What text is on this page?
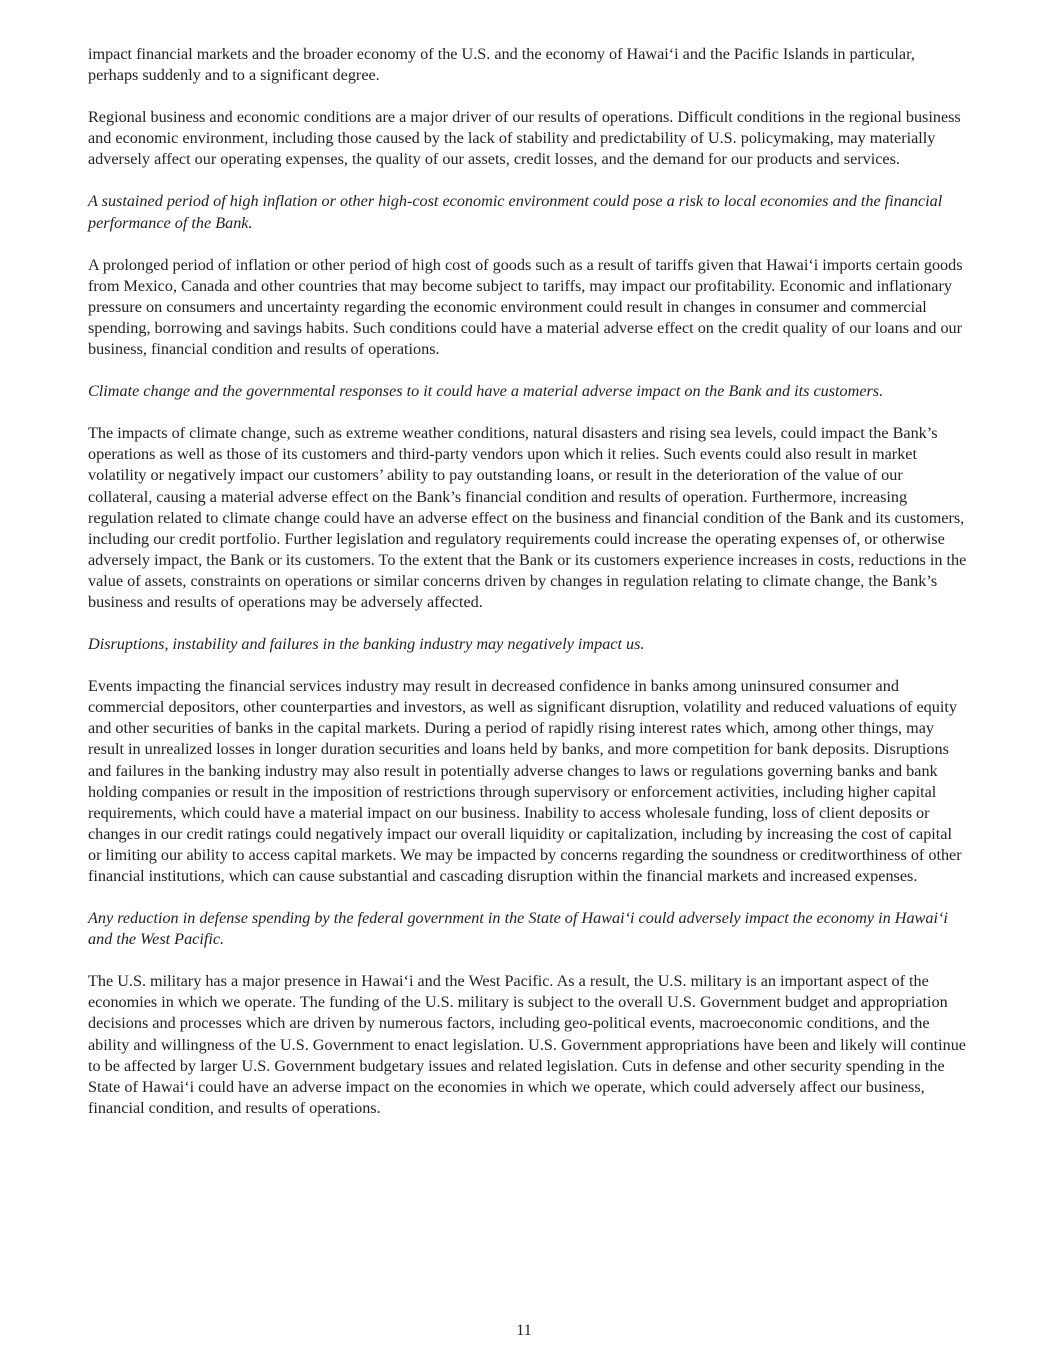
impact financial markets and the broader economy of the U.S. and the economy of Hawai‘i and the Pacific Islands in particular, perhaps suddenly and to a significant degree.

Regional business and economic conditions are a major driver of our results of operations. Difficult conditions in the regional business and economic environment, including those caused by the lack of stability and predictability of U.S. policymaking, may materially adversely affect our operating expenses, the quality of our assets, credit losses, and the demand for our products and services.

A sustained period of high inflation or other high-cost economic environment could pose a risk to local economies and the financial performance of the Bank.

A prolonged period of inflation or other period of high cost of goods such as a result of tariffs given that Hawai‘i imports certain goods from Mexico, Canada and other countries that may become subject to tariffs, may impact our profitability. Economic and inflationary pressure on consumers and uncertainty regarding the economic environment could result in changes in consumer and commercial spending, borrowing and savings habits. Such conditions could have a material adverse effect on the credit quality of our loans and our business, financial condition and results of operations.

Climate change and the governmental responses to it could have a material adverse impact on the Bank and its customers.

The impacts of climate change, such as extreme weather conditions, natural disasters and rising sea levels, could impact the Bank’s operations as well as those of its customers and third-party vendors upon which it relies. Such events could also result in market volatility or negatively impact our customers’ ability to pay outstanding loans, or result in the deterioration of the value of our collateral, causing a material adverse effect on the Bank’s financial condition and results of operation. Furthermore, increasing regulation related to climate change could have an adverse effect on the business and financial condition of the Bank and its customers, including our credit portfolio. Further legislation and regulatory requirements could increase the operating expenses of, or otherwise adversely impact, the Bank or its customers. To the extent that the Bank or its customers experience increases in costs, reductions in the value of assets, constraints on operations or similar concerns driven by changes in regulation relating to climate change, the Bank’s business and results of operations may be adversely affected.

Disruptions, instability and failures in the banking industry may negatively impact us.

Events impacting the financial services industry may result in decreased confidence in banks among uninsured consumer and commercial depositors, other counterparties and investors, as well as significant disruption, volatility and reduced valuations of equity and other securities of banks in the capital markets. During a period of rapidly rising interest rates which, among other things, may result in unrealized losses in longer duration securities and loans held by banks, and more competition for bank deposits. Disruptions and failures in the banking industry may also result in potentially adverse changes to laws or regulations governing banks and bank holding companies or result in the imposition of restrictions through supervisory or enforcement activities, including higher capital requirements, which could have a material impact on our business. Inability to access wholesale funding, loss of client deposits or changes in our credit ratings could negatively impact our overall liquidity or capitalization, including by increasing the cost of capital or limiting our ability to access capital markets. We may be impacted by concerns regarding the soundness or creditworthiness of other financial institutions, which can cause substantial and cascading disruption within the financial markets and increased expenses.

Any reduction in defense spending by the federal government in the State of Hawai‘i could adversely impact the economy in Hawai‘i and the West Pacific.

The U.S. military has a major presence in Hawai‘i and the West Pacific. As a result, the U.S. military is an important aspect of the economies in which we operate. The funding of the U.S. military is subject to the overall U.S. Government budget and appropriation decisions and processes which are driven by numerous factors, including geo-political events, macroeconomic conditions, and the ability and willingness of the U.S. Government to enact legislation. U.S. Government appropriations have been and likely will continue to be affected by larger U.S. Government budgetary issues and related legislation. Cuts in defense and other security spending in the State of Hawai‘i could have an adverse impact on the economies in which we operate, which could adversely affect our business, financial condition, and results of operations.

11
